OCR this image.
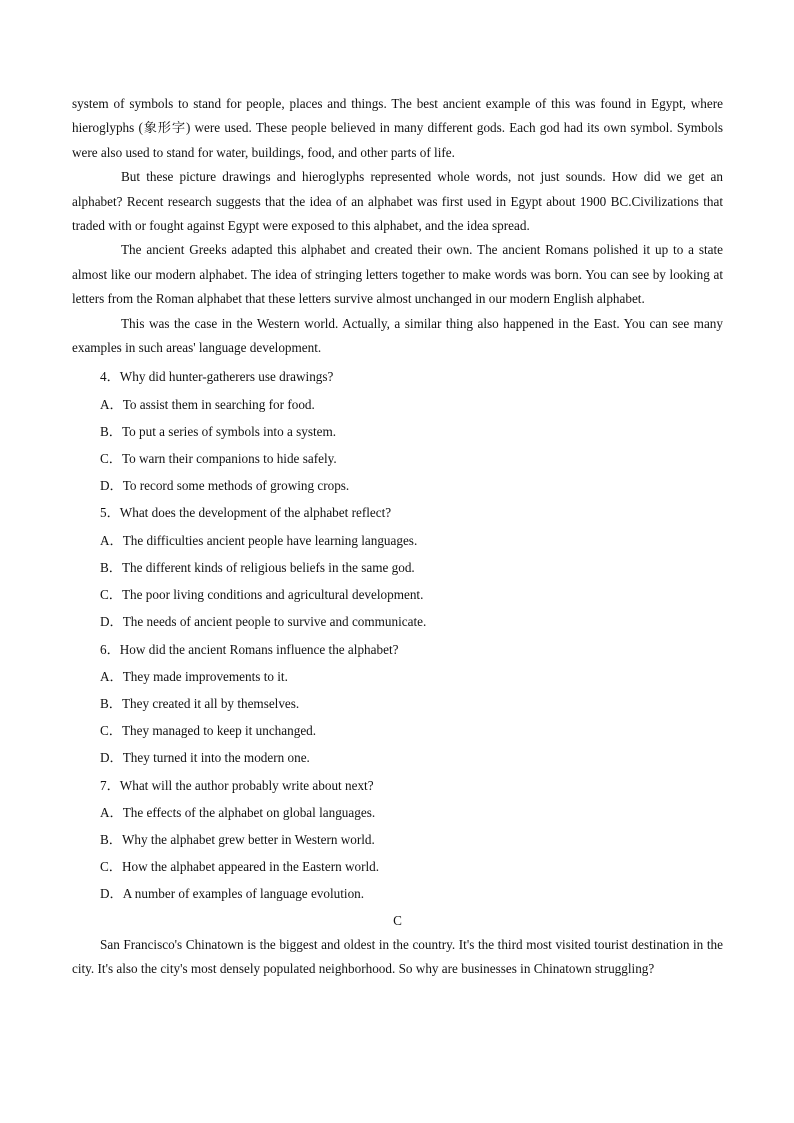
system of symbols to stand for people, places and things. The best ancient example of this was found in Egypt, where hieroglyphs (象形字) were used. These people believed in many different gods. Each god had its own symbol. Symbols were also used to stand for water, buildings, food, and other parts of life.

But these picture drawings and hieroglyphs represented whole words, not just sounds. How did we get an alphabet? Recent research suggests that the idea of an alphabet was first used in Egypt about 1900 BC.Civilizations that traded with or fought against Egypt were exposed to this alphabet, and the idea spread.

The ancient Greeks adapted this alphabet and created their own. The ancient Romans polished it up to a state almost like our modern alphabet. The idea of stringing letters together to make words was born. You can see by looking at letters from the Roman alphabet that these letters survive almost unchanged in our modern English alphabet.

This was the case in the Western world. Actually, a similar thing also happened in the East. You can see many examples in such areas' language development.

4．Why did hunter-gatherers use drawings?
A．To assist them in searching for food.
B．To put a series of symbols into a system.
C．To warn their companions to hide safely.
D．To record some methods of growing crops.
5．What does the development of the alphabet reflect?
A．The difficulties ancient people have learning languages.
B．The different kinds of religious beliefs in the same god.
C．The poor living conditions and agricultural development.
D．The needs of ancient people to survive and communicate.
6．How did the ancient Romans influence the alphabet?
A．They made improvements to it.
B．They created it all by themselves.
C．They managed to keep it unchanged.
D．They turned it into the modern one.
7．What will the author probably write about next?
A．The effects of the alphabet on global languages.
B．Why the alphabet grew better in Western world.
C．How the alphabet appeared in the Eastern world.
D．A number of examples of language evolution.

C

San Francisco's Chinatown is the biggest and oldest in the country. It's the third most visited tourist destination in the city. It's also the city's most densely populated neighborhood. So why are businesses in Chinatown struggling?
